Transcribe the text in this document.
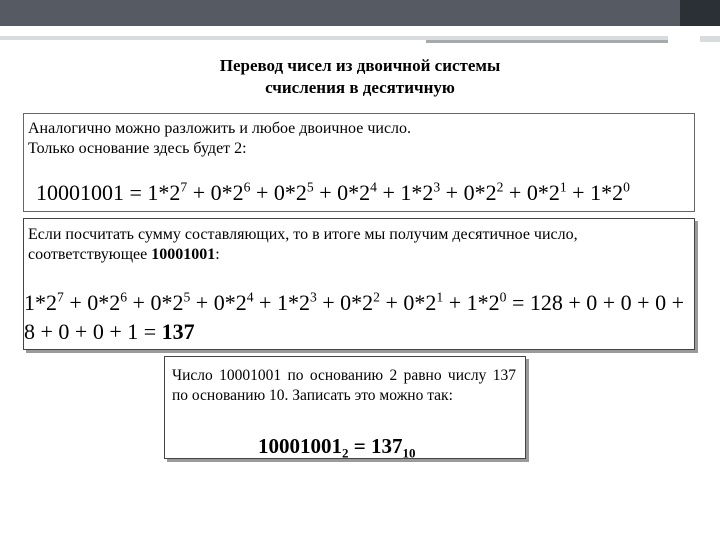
Перевод чисел из двоичной системы
счисления в десятичную
Аналогично можно разложить и любое двоичное число.
Только основание здесь будет 2:
$10001001 = 1*2^7 + 0*2^6 + 0*2^5 + 0*2^4 + 1*2^3 + 0*2^2 + 0*2^1 + 1*2^0$
Если посчитать сумму составляющих, то в итоге мы получим десятичное число, соответствующее 10001001:
$1*2^7 + 0*2^6 + 0*2^5 + 0*2^4 + 1*2^3 + 0*2^2 + 0*2^1 + 1*2^0 = 128 + 0 + 0 + 0 + 8 + 0 + 0 + 1 = 137$
Число 10001001 по основанию 2 равно числу 137 по основанию 10. Записать это можно так:
$10001001_2 = 137_{10}$
